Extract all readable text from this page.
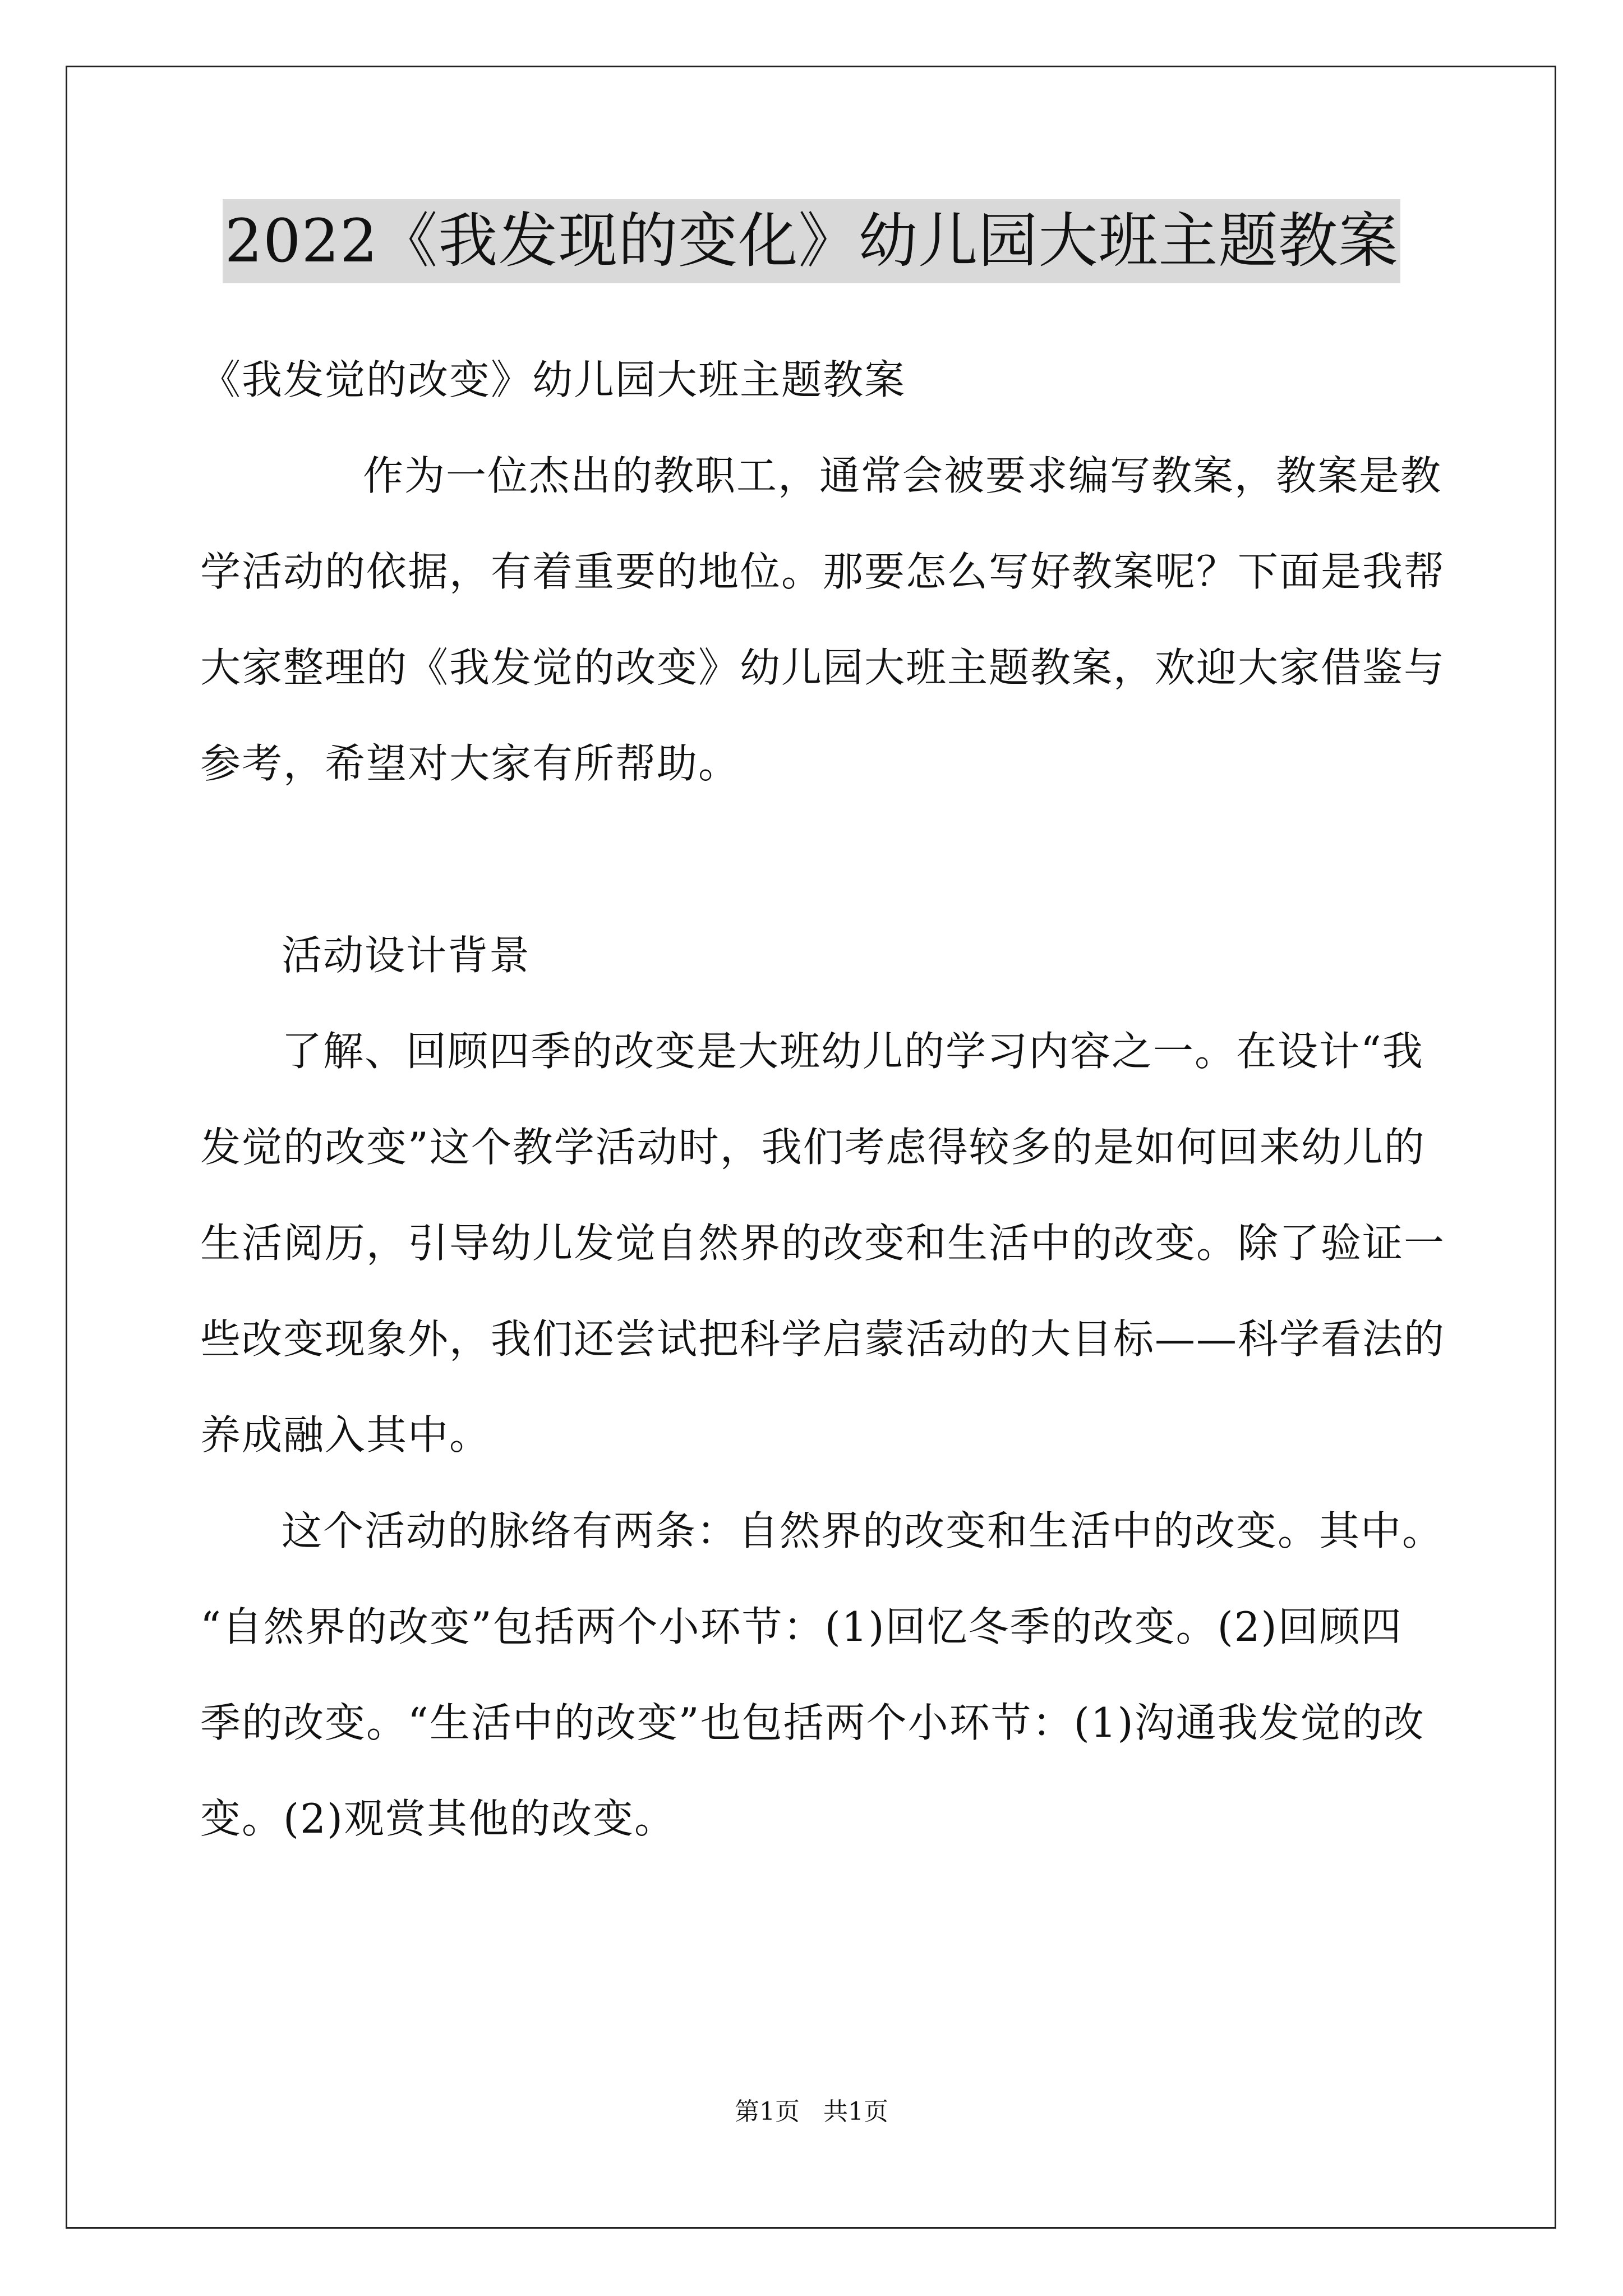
2022《我发现的变化》幼儿园大班主题教案
《我发觉的改变》幼儿园大班主题教案
作为一位杰出的教职工，通常会被要求编写教案，教案是教
学活动的依据，有着重要的地位。那要怎么写好教案呢？下面是我帮
大家整理的《我发觉的改变》幼儿园大班主题教案，欢迎大家借鉴与
参考，希望对大家有所帮助。
活动设计背景
了解、回顾四季的改变是大班幼儿的学习内容之一。在设计“我
发觉的改变”这个教学活动时，我们考虑得较多的是如何回来幼儿的
生活阅历，引导幼儿发觉自然界的改变和生活中的改变。除了验证一
些改变现象外，我们还尝试把科学启蒙活动的大目标——科学看法的
养成融入其中。
这个活动的脉络有两条：自然界的改变和生活中的改变。其中。
“自然界的改变”包括两个小环节：(1)回忆冬季的改变。(2)回顾四
季的改变。“生活中的改变”也包括两个小环节：(1)沟通我发觉的改
变。(2)观赏其他的改变。
第1页   共1页
